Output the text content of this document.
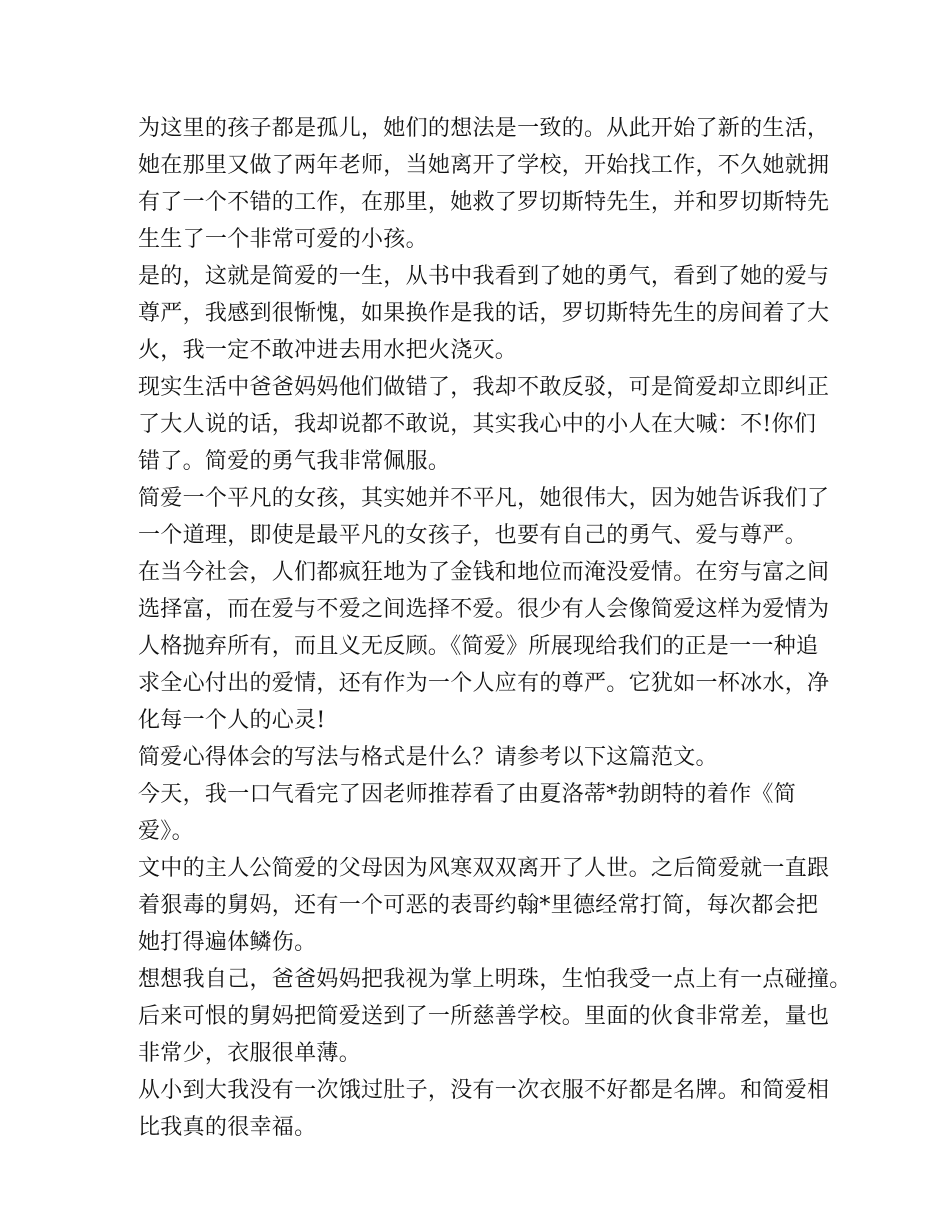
为这里的孩子都是孤儿，她们的想法是一致的。从此开始了新的生活，
她在那里又做了两年老师，当她离开了学校，开始找工作，不久她就拥
有了一个不错的工作，在那里，她救了罗切斯特先生，并和罗切斯特先
生生了一个非常可爱的小孩。
是的，这就是简爱的一生，从书中我看到了她的勇气，看到了她的爱与
尊严，我感到很惭愧，如果换作是我的话，罗切斯特先生的房间着了大
火，我一定不敢冲进去用水把火浇灭。
现实生活中爸爸妈妈他们做错了，我却不敢反驳，可是简爱却立即纠正
了大人说的话，我却说都不敢说，其实我心中的小人在大喊：不!你们
错了。简爱的勇气我非常佩服。
简爱一个平凡的女孩，其实她并不平凡，她很伟大，因为她告诉我们了
一个道理，即使是最平凡的女孩子，也要有自己的勇气、爱与尊严。
在当今社会，人们都疯狂地为了金钱和地位而淹没爱情。在穷与富之间
选择富，而在爱与不爱之间选择不爱。很少有人会像简爱这样为爱情为
人格抛弃所有，而且义无反顾。《简爱》所展现给我们的正是一一种追
求全心付出的爱情，还有作为一个人应有的尊严。它犹如一杯冰水，净
化每一个人的心灵!
简爱心得体会的写法与格式是什么？请参考以下这篇范文。
今天，我一口气看完了因老师推荐看了由夏洛蒂*勃朗特的着作《简
爱》。
文中的主人公简爱的父母因为风寒双双离开了人世。之后简爱就一直跟
着狠毒的舅妈，还有一个可恶的表哥约翰*里德经常打简，每次都会把
她打得遍体鳞伤。
想想我自己，爸爸妈妈把我视为掌上明珠，生怕我受一点上有一点碰撞。
后来可恨的舅妈把简爱送到了一所慈善学校。里面的伙食非常差，量也
非常少，衣服很单薄。
从小到大我没有一次饿过肚子，没有一次衣服不好都是名牌。和简爱相
比我真的很幸福。
